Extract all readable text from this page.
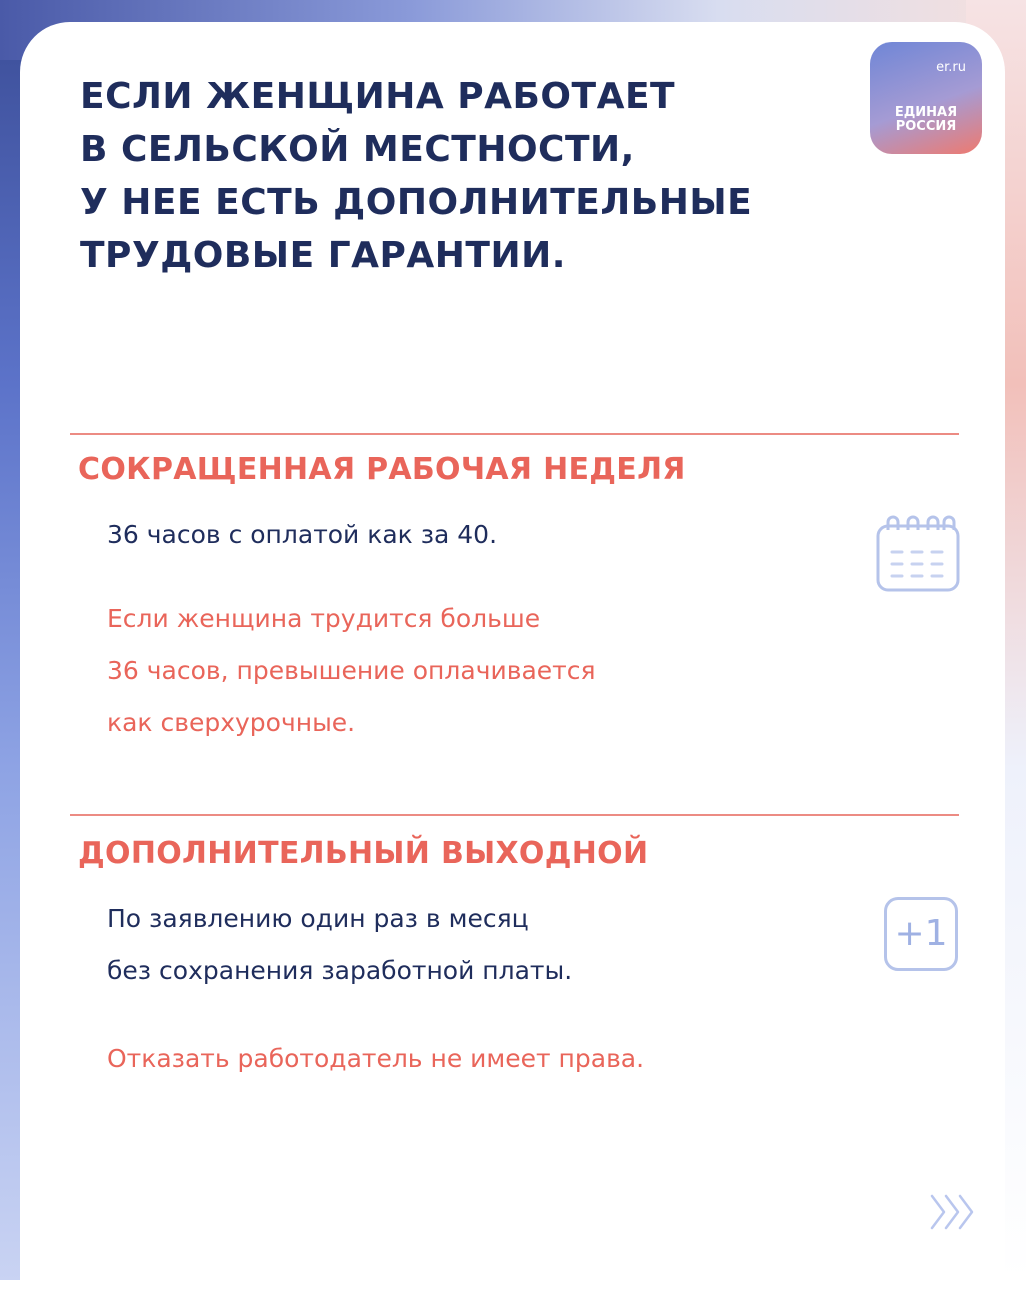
ЕСЛИ ЖЕНЩИНА РАБОТАЕТ
В СЕЛЬСКОЙ МЕСТНОСТИ,
У НЕЕ ЕСТЬ ДОПОЛНИТЕЛЬНЫЕ
ТРУДОВЫЕ ГАРАНТИИ.
er.ru
ЕДИНАЯ
РОССИЯ
СОКРАЩЕННАЯ РАБОЧАЯ НЕДЕЛЯ
36 часов с оплатой как за 40.
Если женщина трудится больше
36 часов, превышение оплачивается
как сверхурочные.
ДОПОЛНИТЕЛЬНЫЙ ВЫХОДНОЙ
По заявлению один раз в месяц
без сохранения заработной платы.
Отказать работодатель не имеет права.
+1
